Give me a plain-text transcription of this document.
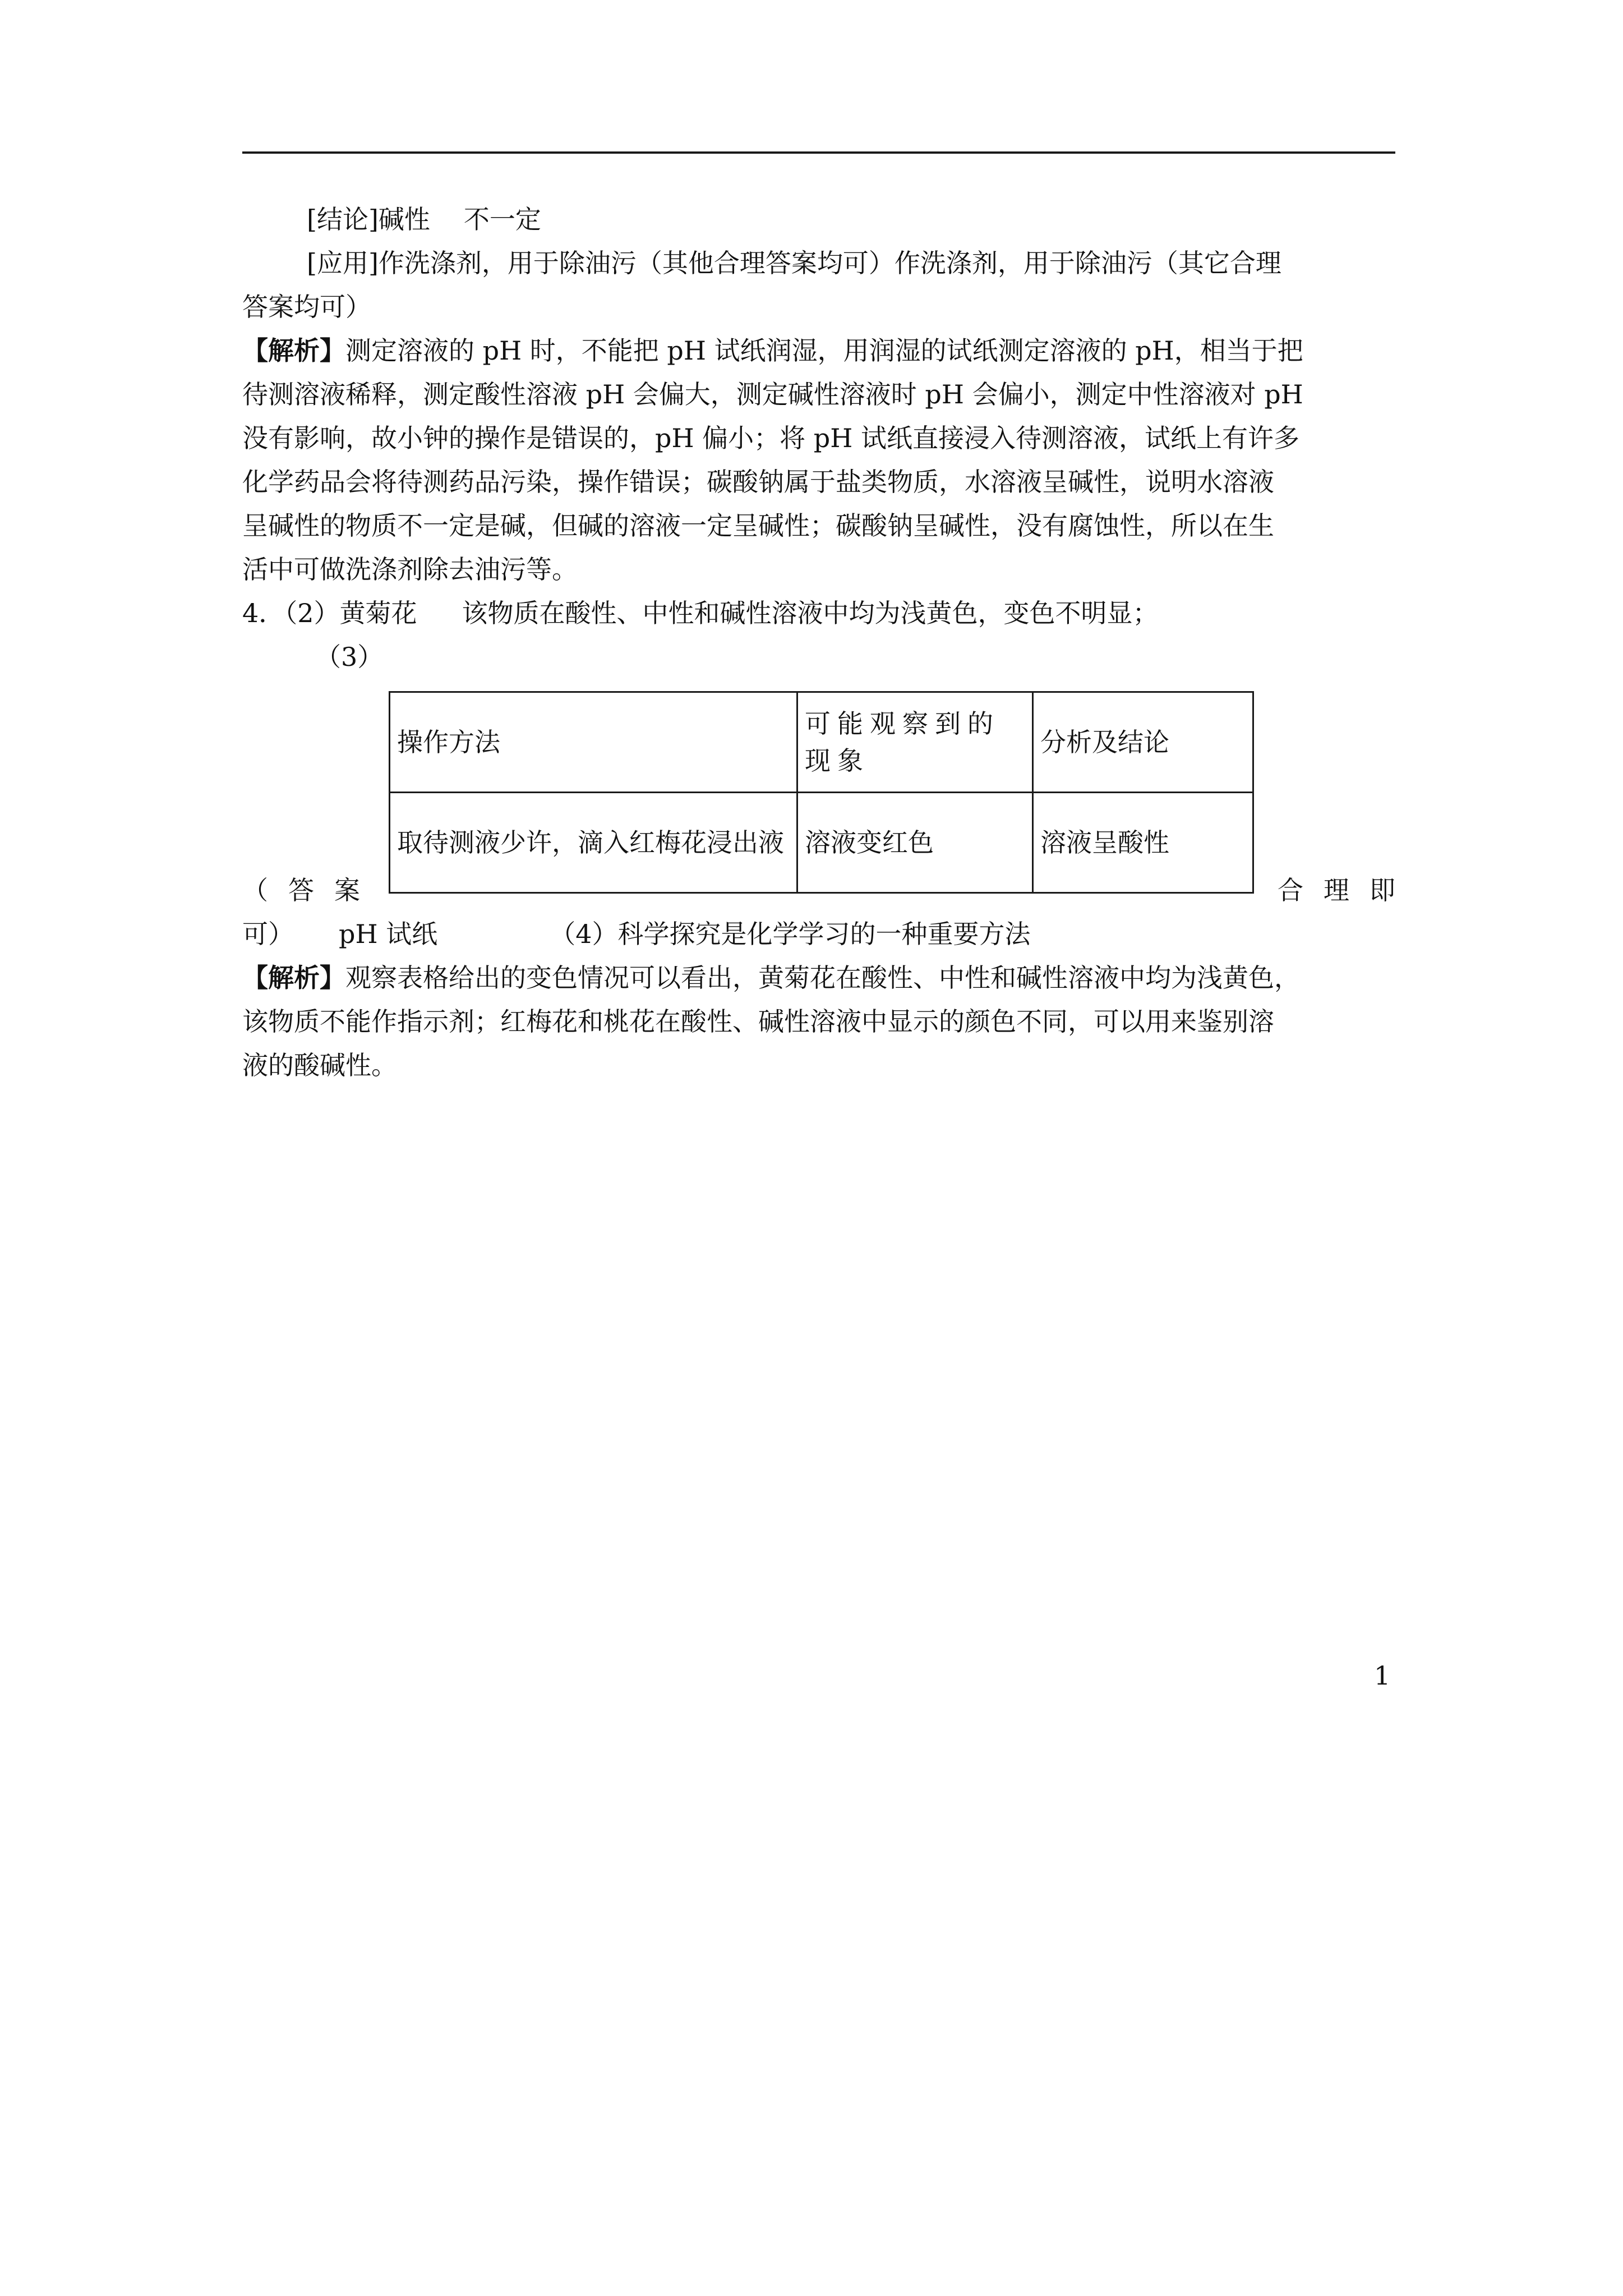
[结论]碱性 不一定
[应用]作洗涤剂，用于除油污（其他合理答案均可）作洗涤剂，用于除油污（其它合理
答案均可）
【解析】测定溶液的 pH 时，不能把 pH 试纸润湿，用润湿的试纸测定溶液的 pH，相当于把
待测溶液稀释，测定酸性溶液 pH 会偏大，测定碱性溶液时 pH 会偏小，测定中性溶液对 pH
没有影响，故小钟的操作是错误的，pH 偏小；将 pH 试纸直接浸入待测溶液，试纸上有许多
化学药品会将待测药品污染，操作错误；碳酸钠属于盐类物质，水溶液呈碱性，说明水溶液
呈碱性的物质不一定是碱，但碱的溶液一定呈碱性；碳酸钠呈碱性，没有腐蚀性，所以在生
活中可做洗涤剂除去油污等。
4．（2）黄菊花 该物质在酸性、中性和碱性溶液中均为浅黄色，变色不明显；
（3）
操作方法	可能观察到的现象	分析及结论
取待测液少许，滴入红梅花浸出液	溶液变红色	溶液呈酸性
（ 答 案	合 理 即
可） pH 试纸	（4）科学探究是化学学习的一种重要方法
【解析】观察表格给出的变色情况可以看出，黄菊花在酸性、中性和碱性溶液中均为浅黄色，
该物质不能作指示剂；红梅花和桃花在酸性、碱性溶液中显示的颜色不同，可以用来鉴别溶
液的酸碱性。
1
